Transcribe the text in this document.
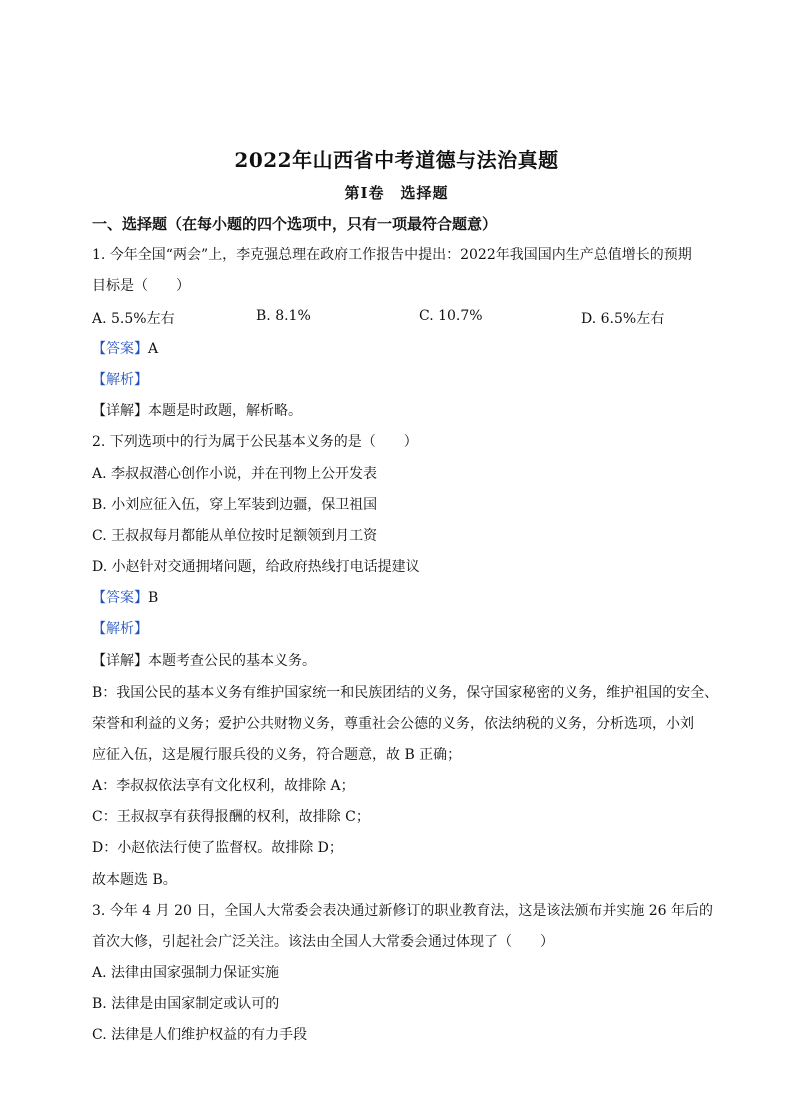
2022年山西省中考道德与法治真题
第Ⅰ卷　选择题
一、选择题（在每小题的四个选项中，只有一项最符合题意）
1. 今年全国“两会”上，李克强总理在政府工作报告中提出：2022年我国国内生产总值增长的预期
目标是（　　）
A. 5.5%左右	B. 8.1%	C. 10.7%	D. 6.5%左右
【答案】A
【解析】
【详解】本题是时政题，解析略。
2. 下列选项中的行为属于公民基本义务的是（　　）
A. 李叔叔潜心创作小说，并在刊物上公开发表
B. 小刘应征入伍，穿上军装到边疆，保卫祖国
C. 王叔叔每月都能从单位按时足额领到月工资
D. 小赵针对交通拥堵问题，给政府热线打电话提建议
【答案】B
【解析】
【详解】本题考查公民的基本义务。
B：我国公民的基本义务有维护国家统一和民族团结的义务，保守国家秘密的义务，维护祖国的安全、
荣誉和利益的义务；爱护公共财物义务，尊重社会公德的义务，依法纳税的义务，分析选项，小刘
应征入伍，这是履行服兵役的义务，符合题意，故 B 正确；
A：李叔叔依法享有文化权利，故排除 A；
C：王叔叔享有获得报酬的权利，故排除 C；
D：小赵依法行使了监督权。故排除 D；
故本题选 B。
3. 今年 4 月 20 日，全国人大常委会表决通过新修订的职业教育法，这是该法颁布并实施 26 年后的
首次大修，引起社会广泛关注。该法由全国人大常委会通过体现了（　　）
A. 法律由国家强制力保证实施
B. 法律是由国家制定或认可的
C. 法律是人们维护权益的有力手段
